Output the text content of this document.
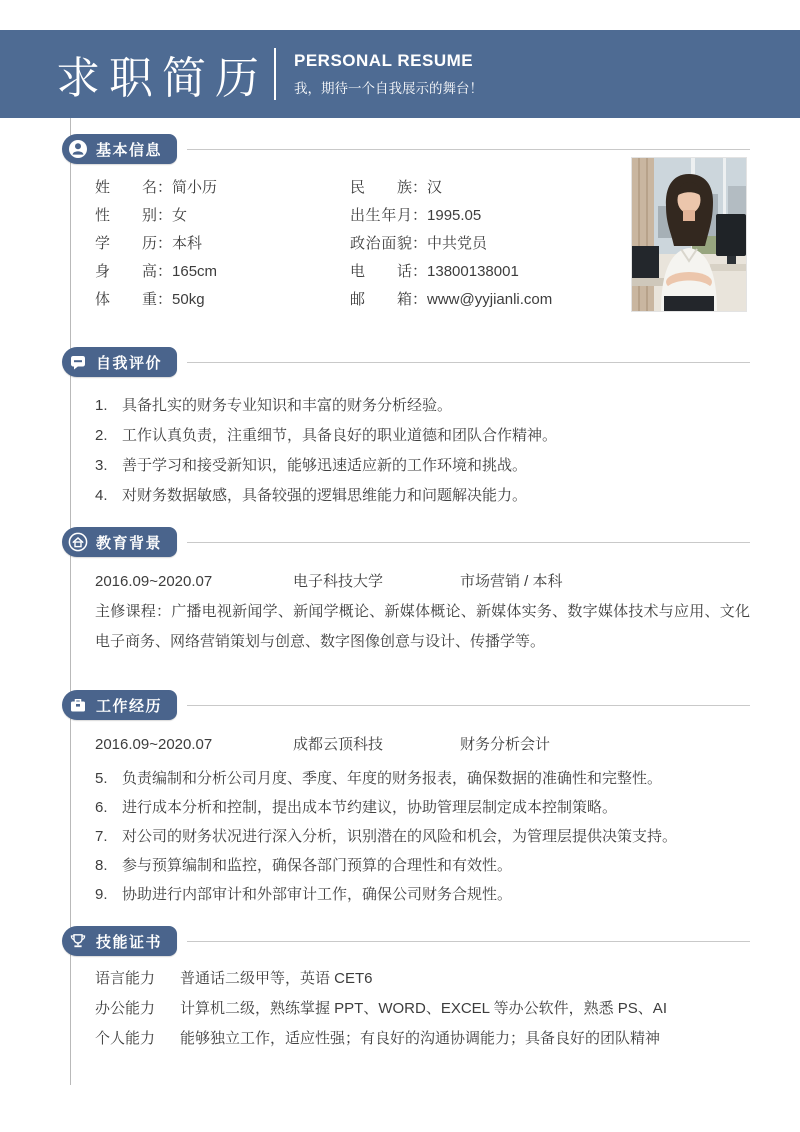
求职简历 PERSONAL RESUME
我，期待一个自我展示的舞台！
基本信息
姓名：简小历
性别：女
学历：本科
身高：165cm
体重：50kg
民族：汉
出生年月：1995.05
政治面貌：中共党员
电话：13800138001
邮箱：www@yyjianli.com
自我评价
1. 具备扎实的财务专业知识和丰富的财务分析经验。
2. 工作认真负责，注重细节，具备良好的职业道德和团队合作精神。
3. 善于学习和接受新知识，能够迅速适应新的工作环境和挑战。
4. 对财务数据敏感，具备较强的逻辑思维能力和问题解决能力。
教育背景
2016.09~2020.07	电子科技大学	市场营销 / 本科
主修课程：广播电视新闻学、新闻学概论、新媒体概论、新媒体实务、数字媒体技术与应用、文化电子商务、网络营销策划与创意、数字图像创意与设计、传播学等。
工作经历
2016.09~2020.07	成都云顶科技	财务分析会计
5. 负责编制和分析公司月度、季度、年度的财务报表，确保数据的准确性和完整性。
6. 进行成本分析和控制，提出成本节约建议，协助管理层制定成本控制策略。
7. 对公司的财务状况进行深入分析，识别潜在的风险和机会，为管理层提供决策支持。
8. 参与预算编制和监控，确保各部门预算的合理性和有效性。
9. 协助进行内部审计和外部审计工作，确保公司财务合规性。
技能证书
语言能力	普通话二级甲等，英语 CET6
办公能力	计算机二级，熟练掌握 PPT、WORD、EXCEL 等办公软件，熟悉 PS、AI
个人能力	能够独立工作，适应性强；有良好的沟通协调能力；具备良好的团队精神
